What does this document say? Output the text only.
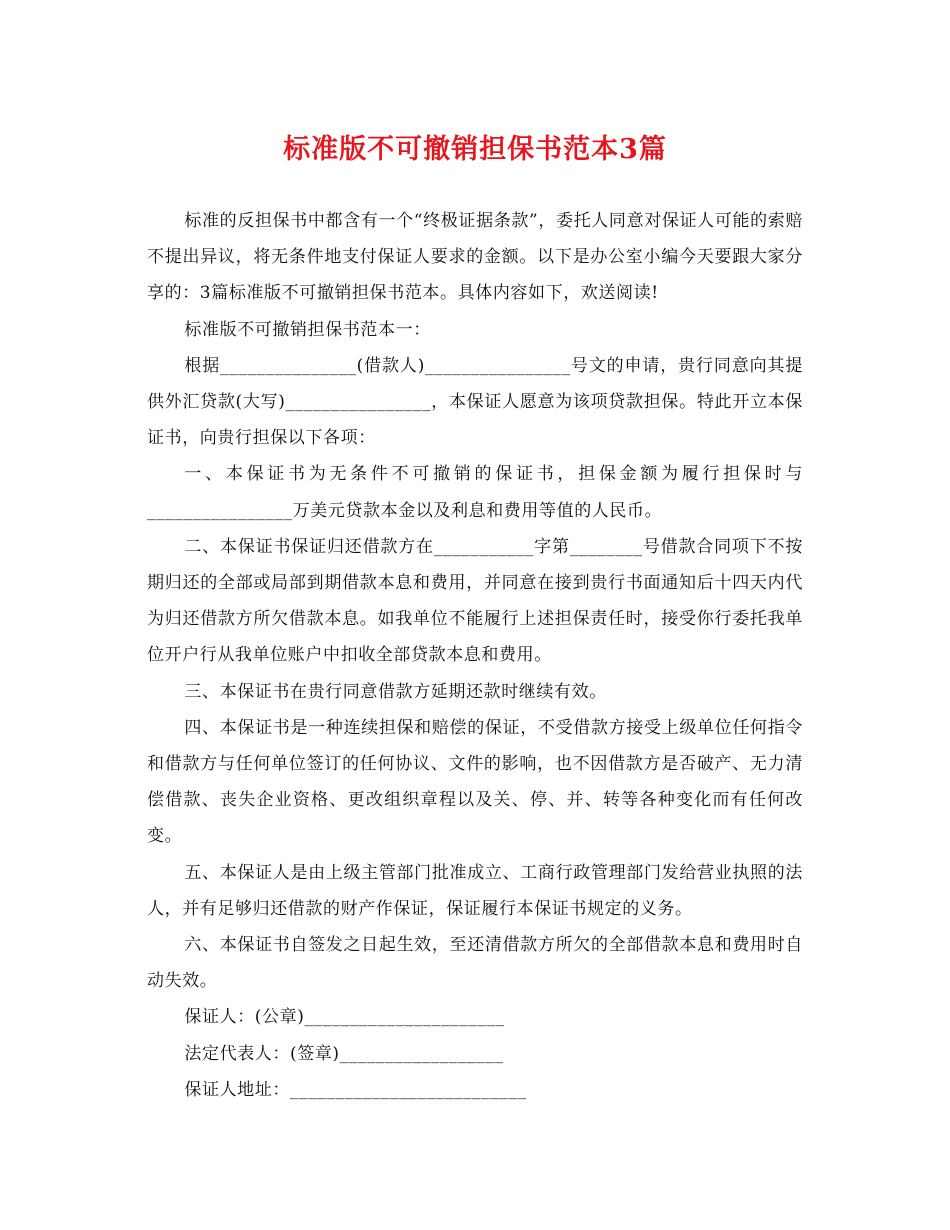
标准版不可撤销担保书范本3篇

标准的反担保书中都含有一个“终极证据条款”，委托人同意对保证人可能的索赔不提出异议，将无条件地支付保证人要求的金额。以下是办公室小编今天要跟大家分享的：3篇标准版不可撤销担保书范本。具体内容如下，欢送阅读!

标准版不可撤销担保书范本一：

根据_______________(借款人)________________号文的申请，贵行同意向其提供外汇贷款(大写)________________，本保证人愿意为该项贷款担保。特此开立本保证书，向贵行担保以下各项：

一、本保证书为无条件不可撤销的保证书，担保金额为履行担保时与________________万美元贷款本金以及利息和费用等值的人民币。

二、本保证书保证归还借款方在___________字第________号借款合同项下不按期归还的全部或局部到期借款本息和费用，并同意在接到贵行书面通知后十四天内代为归还借款方所欠借款本息。如我单位不能履行上述担保责任时，接受你行委托我单位开户行从我单位账户中扣收全部贷款本息和费用。

三、本保证书在贵行同意借款方延期还款时继续有效。

四、本保证书是一种连续担保和赔偿的保证，不受借款方接受上级单位任何指令和借款方与任何单位签订的任何协议、文件的影响，也不因借款方是否破产、无力清偿借款、丧失企业资格、更改组织章程以及关、停、并、转等各种变化而有任何改变。

五、本保证人是由上级主管部门批准成立、工商行政管理部门发给营业执照的法人，并有足够归还借款的财产作保证，保证履行本保证书规定的义务。

六、本保证书自签发之日起生效，至还清借款方所欠的全部借款本息和费用时自动失效。

保证人：(公章)______________________

法定代表人：(签章)__________________

保证人地址：__________________________
